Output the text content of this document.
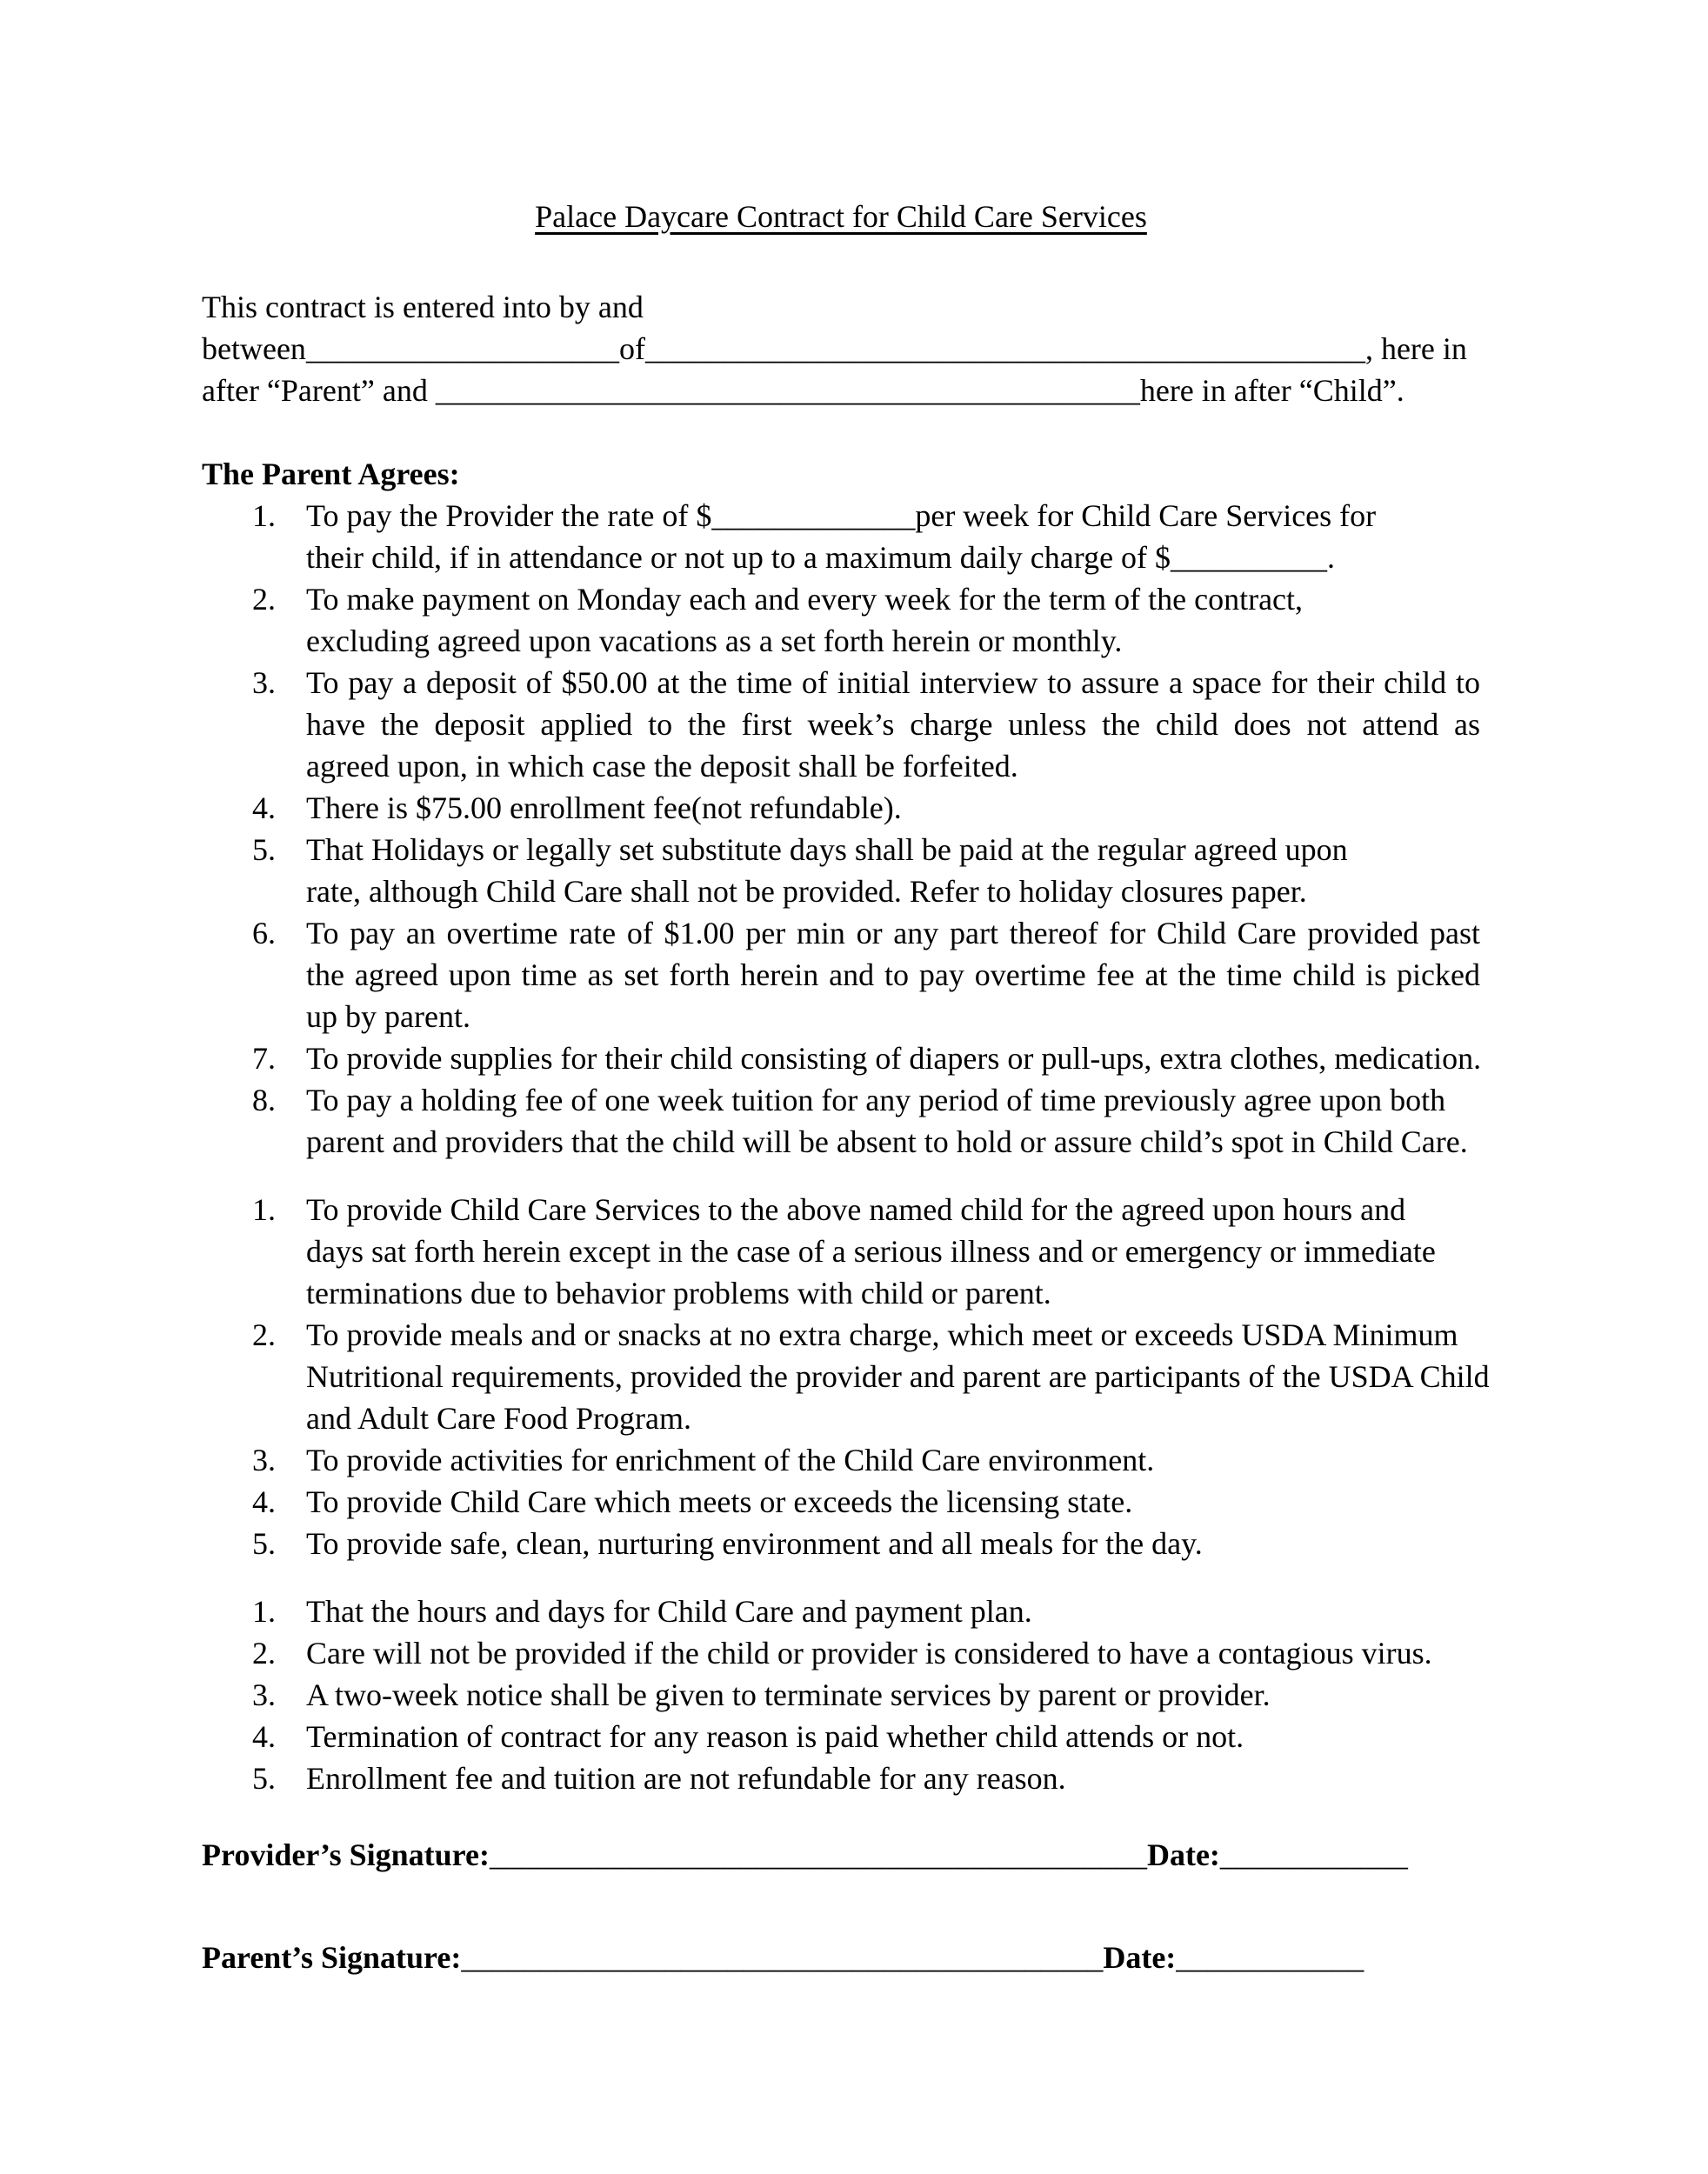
Palace Daycare Contract for Child Care Services
This contract is entered into by and
between____________________of______________________________________________, here in
after “Parent” and _____________________________________________here in after “Child”.
The Parent Agrees:
1. To pay the Provider the rate of $_____________per week for Child Care Services for
their child, if in attendance or not up to a maximum daily charge of $__________.
2. To make payment on Monday each and every week for the term of the contract,
excluding agreed upon vacations as a set forth herein or monthly.
3. To pay a deposit of $50.00 at the time of initial interview to assure a space for their child to
have the deposit applied to the first week’s charge unless the child does not attend as
agreed upon, in which case the deposit shall be forfeited.
4. There is $75.00 enrollment fee(not refundable).
5. That Holidays or legally set substitute days shall be paid at the regular agreed upon
rate, although Child Care shall not be provided. Refer to holiday closures paper.
6. To pay an overtime rate of $1.00 per min or any part thereof for Child Care provided past
the agreed upon time as set forth herein and to pay overtime fee at the time child is picked
up by parent.
7. To provide supplies for their child consisting of diapers or pull-ups, extra clothes, medication.
8. To pay a holding fee of one week tuition for any period of time previously agree upon both
parent and providers that the child will be absent to hold or assure child’s spot in Child Care.
1. To provide Child Care Services to the above named child for the agreed upon hours and
days sat forth herein except in the case of a serious illness and or emergency or immediate
terminations due to behavior problems with child or parent.
2. To provide meals and or snacks at no extra charge, which meet or exceeds USDA Minimum
Nutritional requirements, provided the provider and parent are participants of the USDA Child
and Adult Care Food Program.
3. To provide activities for enrichment of the Child Care environment.
4. To provide Child Care which meets or exceeds the licensing state.
5. To provide safe, clean, nurturing environment and all meals for the day.
1. That the hours and days for Child Care and payment plan.
2. Care will not be provided if the child or provider is considered to have a contagious virus.
3. A two-week notice shall be given to terminate services by parent or provider.
4. Termination of contract for any reason is paid whether child attends or not.
5. Enrollment fee and tuition are not refundable for any reason.
Provider’s Signature:__________________________________________Date:____________
Parent’s Signature:_________________________________________Date:____________
